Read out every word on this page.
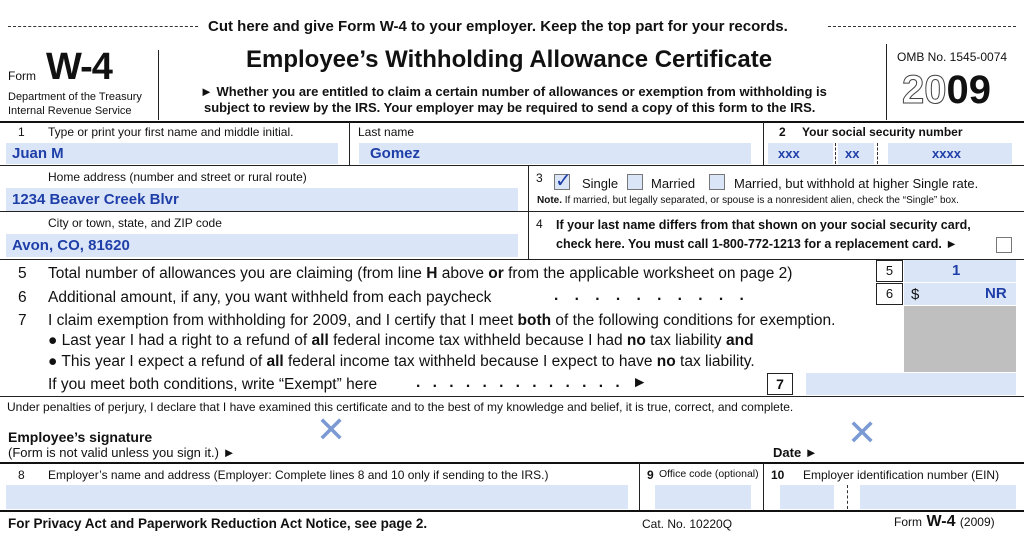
Cut here and give Form W-4 to your employer. Keep the top part for your records.
Form W-4
Department of the Treasury
Internal Revenue Service
Employee’s Withholding Allowance Certificate
► Whether you are entitled to claim a certain number of allowances or exemption from withholding is
subject to review by the IRS. Your employer may be required to send a copy of this form to the IRS.
OMB No. 1545-0074
2009
1 Type or print your first name and middle initial.
Juan M
Last name
Gomez
2 Your social security number
xxx	xx	xxxx
Home address (number and street or rural route)
1234 Beaver Creek Blvr
3 ✓ Single	Married	Married, but withhold at higher Single rate.
Note. If married, but legally separated, or spouse is a nonresident alien, check the “Single” box.
City or town, state, and ZIP code
Avon, CO, 81620
4 If your last name differs from that shown on your social security card,
check here. You must call 1-800-772-1213 for a replacement card. ►
5 Total number of allowances you are claiming (from line H above or from the applicable worksheet on page 2)	5	1
6 Additional amount, if any, you want withheld from each paycheck	. . . . . . . . . .	6	$	NR
7 I claim exemption from withholding for 2009, and I certify that I meet both of the following conditions for exemption.
● Last year I had a right to a refund of all federal income tax withheld because I had no tax liability and
● This year I expect a refund of all federal income tax withheld because I expect to have no tax liability.
If you meet both conditions, write “Exempt” here	. . . . . . . . . . . . . ►	7
Under penalties of perjury, I declare that I have examined this certificate and to the best of my knowledge and belief, it is true, correct, and complete.
Employee’s signature
(Form is not valid unless you sign it.) ►
✕
Date ► ✕
8 Employer’s name and address (Employer: Complete lines 8 and 10 only if sending to the IRS.)	9 Office code (optional) 10 Employer identification number (EIN)
For Privacy Act and Paperwork Reduction Act Notice, see page 2.	Cat. No. 10220Q	Form W-4 (2009)
